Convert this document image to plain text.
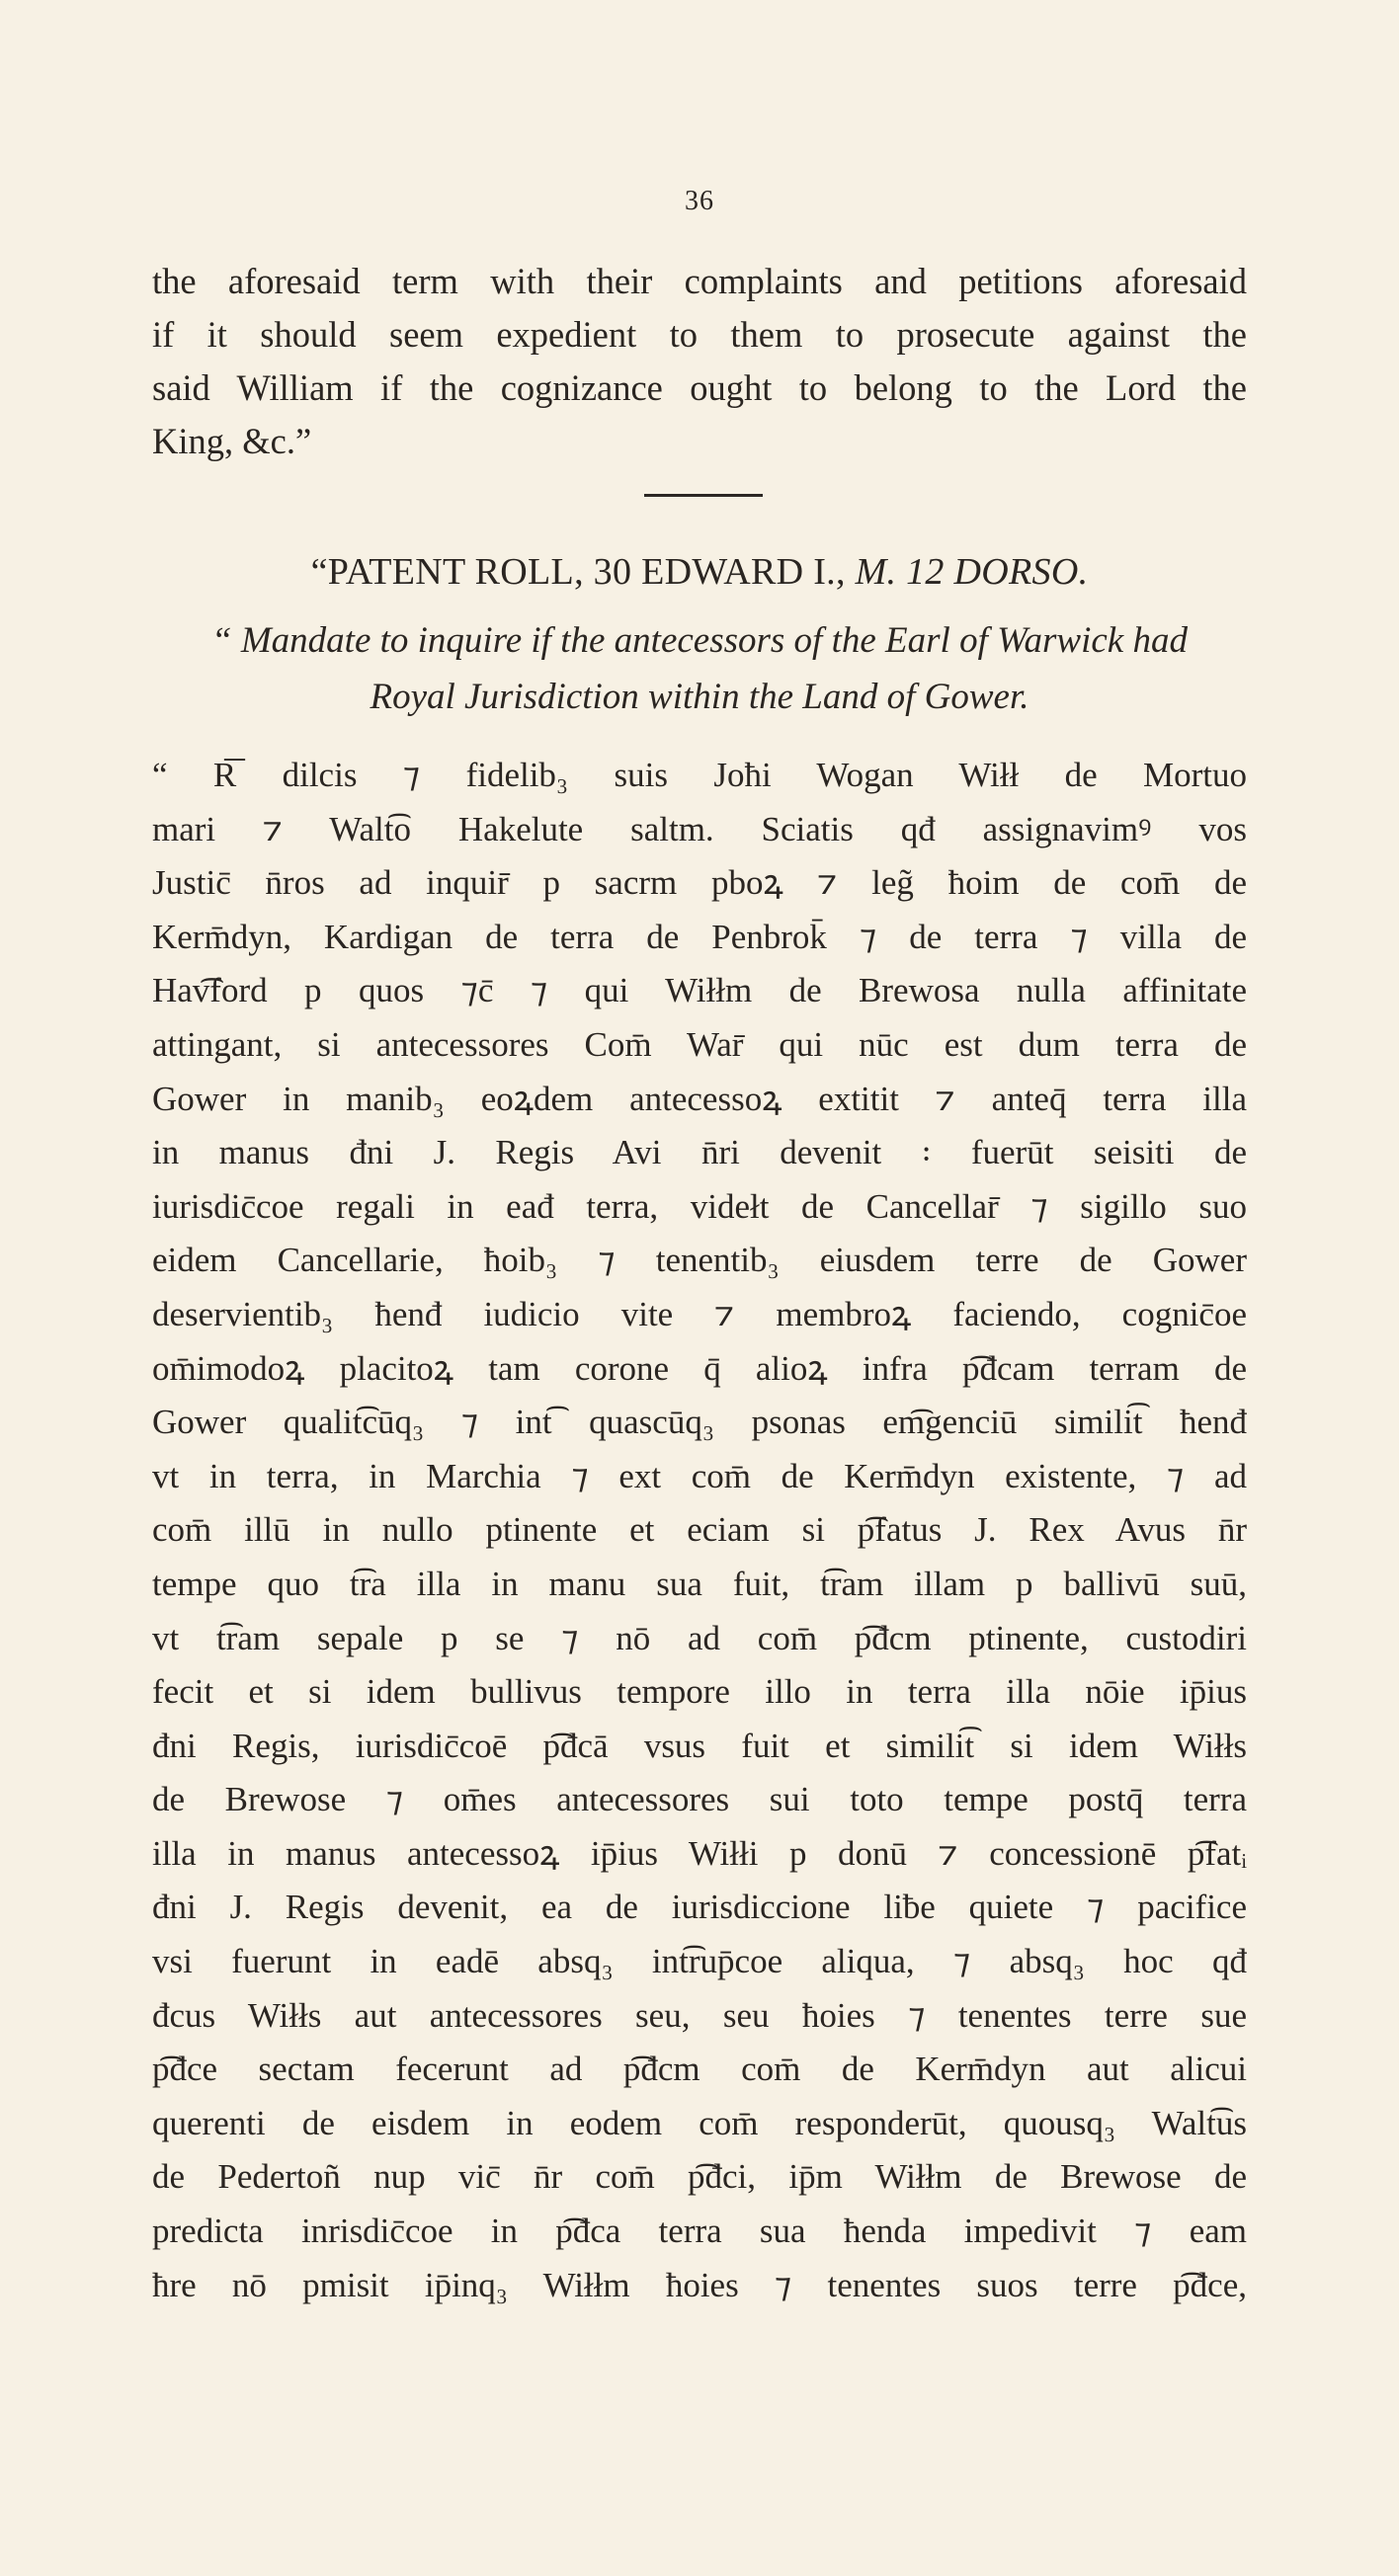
36
the aforesaid term with their complaints and petitions aforesaid
if it should seem expedient to them to prosecute against the
said William if the cognizance ought to belong to the Lord the
King, &c.”
“PATENT ROLL, 30 EDWARD I., M. 12 DORSO.
“ Mandate to inquire if the antecessors of the Earl of Warwick had
Royal Jurisdiction within the Land of Gower.
“ R͞ dilcis ⁊ fidelib₃ suis Joħi Wogan Wiłł de Mortuo
mari ⁊ Walt͡o Hakelute saltm. Sciatis qđ assignavimꝰ vos
Justic̄ n̄ros ad inquir̄ p sacrm pboꝝ ⁊ leg̃ ħoim de com̄ de
Kerm̄dyn, Kardigan de terra de Penbrok̄ ⁊ de terra ⁊ villa de
Hav͡ford p quos ⁊c̄ ⁊ qui Wiłłm de Brewosa nulla affinitate
attingant, si antecessores Com̄ War̄ qui nūc est dum terra de
Gower in manib₃ eoꝝdem antecessoꝝ extitit ⁊ anteq̄ terra illa
in manus đni J. Regis Avi n̄ri devenit ꞉ fuerūt seisiti de
iurisdic̄coe regali in eađ terra, videłt de Cancellar̄ ⁊ sigillo suo
eidem Cancellarie, ħoib₃ ⁊ tenentib₃ eiusdem terre de Gower
deservientib₃ ħenđ iudicio vite ⁊ membroꝝ faciendo, cognic̄oe
om̄imodoꝝ placitoꝝ tam corone q̄ alioꝝ infra p͡đcam terram de
Gower qualit͡cūq₃ ⁊ int͡ quascūq₃ psonas em͡genciū simili͡t ħenđ
vt in terra, in Marchia ⁊ ext com̄ de Kerm̄dyn existente, ⁊ ad
com̄ illū in nullo ptinente et eciam si p͡fatus J. Rex Avus n̄r
tempe quo t͡ra illa in manu sua fuit, t͡ram illam p ballivū suū,
vt t͡ram sepale p se ⁊ nō ad com̄ p͡đcm ptinente, custodiri
fecit et si idem bullivus tempore illo in terra illa nōie ip̄ius
đni Regis, iurisdic̄coē p͡đcā vsus fuit et simili͡t si idem Wiłłs
de Brewose ⁊ om̄es antecessores sui toto tempe postq̄ terra
illa in manus antecessoꝝ ip̄ius Wiłłi p donū ⁊ concessionē p͡fatᵢ
đni J. Regis devenit, ea de iurisdiccione liƀe quiete ⁊ pacifice
vsi fuerunt in eadē absq₃ int͡rup̄coe aliqua, ⁊ absq₃ hoc qđ
đcus Wiłłs aut antecessores seu, seu ħoies ⁊ tenentes terre sue
p͡đce sectam fecerunt ad p͡đcm com̄ de Kerm̄dyn aut alicui
querenti de eisdem in eodem com̄ responderūt, quousq₃ Walt͡us
de Pedertoñ nup vic̄ n̄r com̄ p͡đci, ip̄m Wiłłm de Brewose de
predicta inrisdic̄coe in p͡đca terra sua ħenda impedivit ⁊ eam
ħre nō pmisit ip̄inq₃ Wiłłm ħoies ⁊ tenentes suos terre p͡đce,
